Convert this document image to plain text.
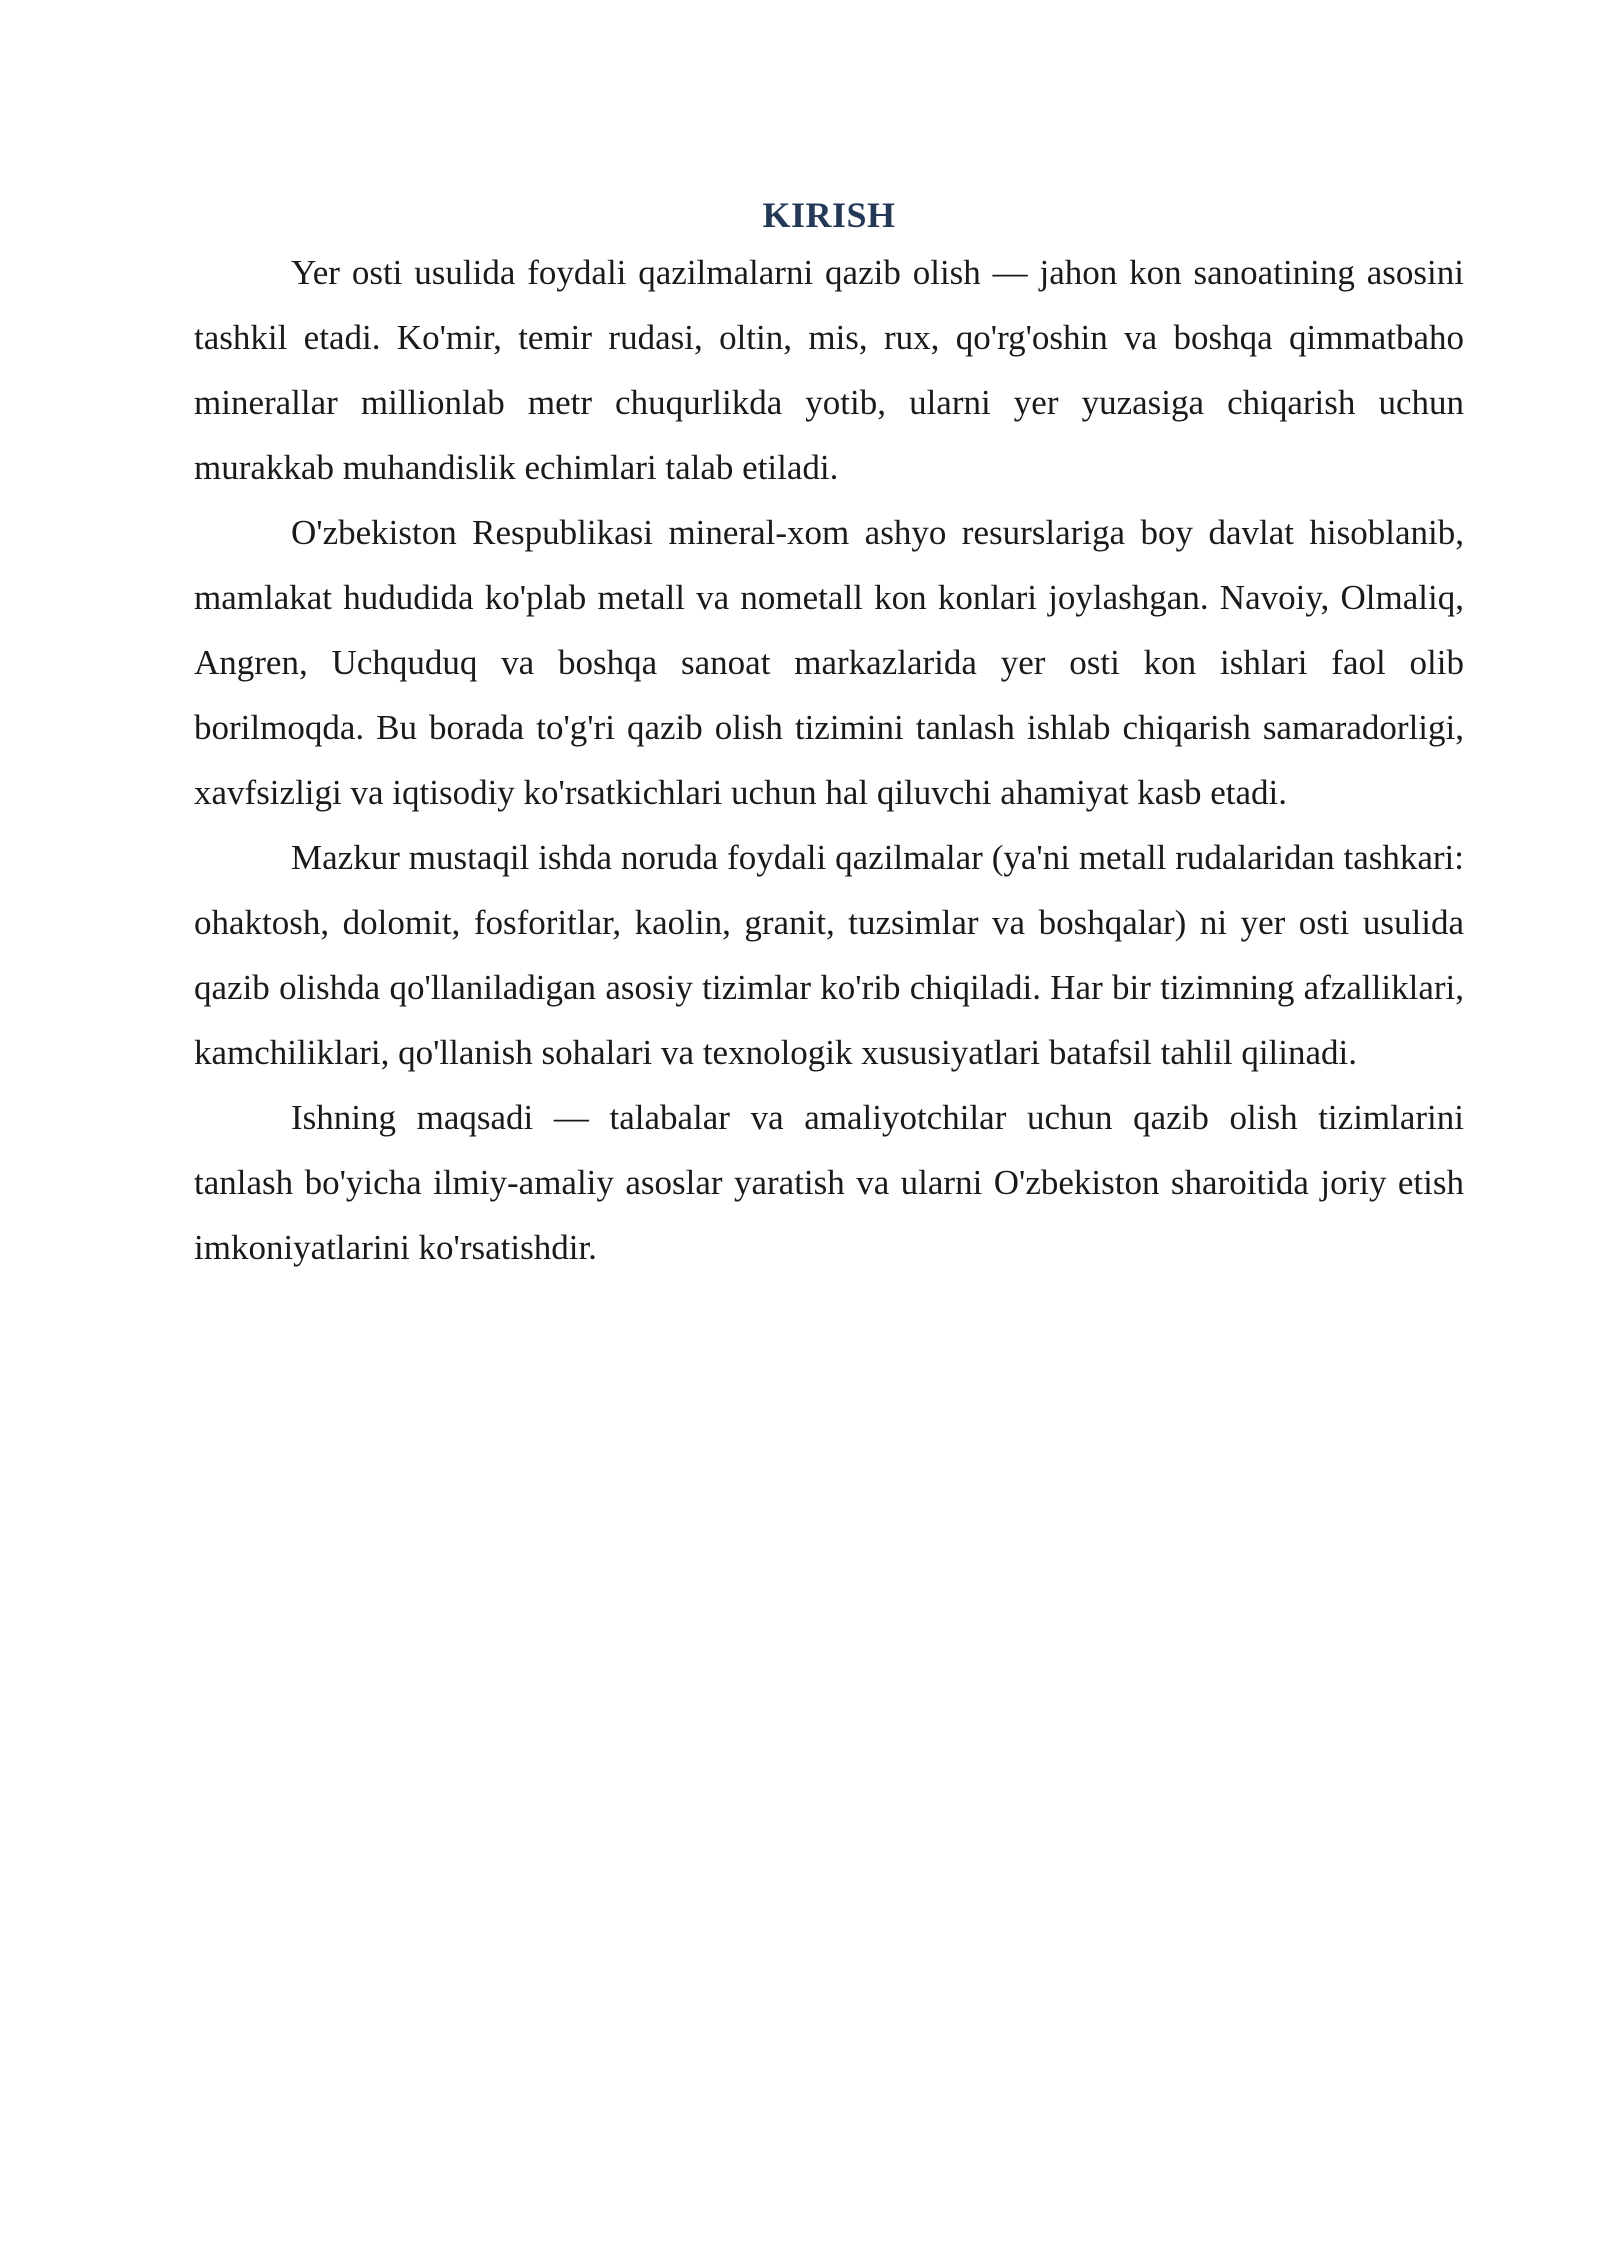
KIRISH

Yer osti usulida foydali qazilmalarni qazib olish — jahon kon sanoatining asosini tashkil etadi. Ko'mir, temir rudasi, oltin, mis, rux, qo'rg'oshin va boshqa qimmatbaho minerallar millionlab metr chuqurlikda yotib, ularni yer yuzasiga chiqarish uchun murakkab muhandislik echimlari talab etiladi.

O'zbekiston Respublikasi mineral-xom ashyo resurslariga boy davlat hisoblanib, mamlakat hududida ko'plab metall va nometall kon konlari joylashgan. Navoiy, Olmaliq, Angren, Uchquduq va boshqa sanoat markazlarida yer osti kon ishlari faol olib borilmoqda. Bu borada to'g'ri qazib olish tizimini tanlash ishlab chiqarish samaradorligi, xavfsizligi va iqtisodiy ko'rsatkichlari uchun hal qiluvchi ahamiyat kasb etadi.

Mazkur mustaqil ishda noruda foydali qazilmalar (ya'ni metall rudalaridan tashkari: ohaktosh, dolomit, fosforitlar, kaolin, granit, tuzsimlar va boshqalar) ni yer osti usulida qazib olishda qo'llaniladigan asosiy tizimlar ko'rib chiqiladi. Har bir tizimning afzalliklari, kamchiliklari, qo'llanish sohalari va texnologik xususiyatlari batafsil tahlil qilinadi.

Ishning maqsadi — talabalar va amaliyotchilar uchun qazib olish tizimlarini tanlash bo'yicha ilmiy-amaliy asoslar yaratish va ularni O'zbekiston sharoitida joriy etish imkoniyatlarini ko'rsatishdir.
